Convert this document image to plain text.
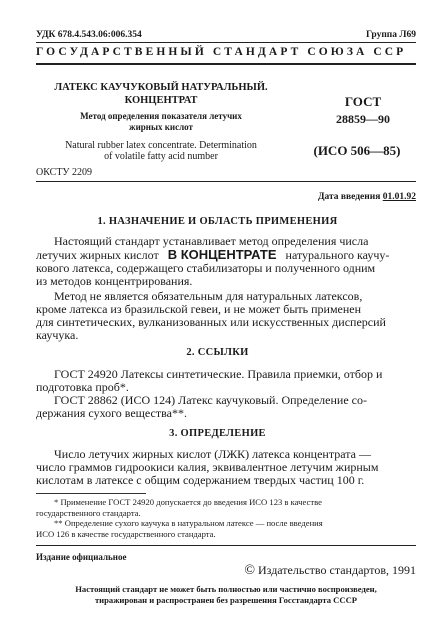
УДК 678.4.543.06:006.354	Группа Л69
ГОСУДАРСТВЕННЫЙ СТАНДАРТ СОЮЗА ССР
ЛАТЕКС КАУЧУКОВЫЙ НАТУРАЛЬНЫЙ.
КОНЦЕНТРАТ
Метод определения показателя летучих
жирных кислот
Natural rubber latex concentrate. Determination
of volatile fatty acid number
ОКСТУ 2209
ГОСТ
28859—90
(ИСО 506—85)
Дата введения 01.01.92
1. НАЗНАЧЕНИЕ И ОБЛАСТЬ ПРИМЕНЕНИЯ
Настоящий стандарт устанавливает метод определения числа
летучих жирных кислот В КОНЦЕНТРАТЕ натурального каучу-
кового латекса, содержащего стабилизаторы и полученного одним
из методов концентрирования.
Метод не является обязательным для натуральных латексов,
кроме латекса из бразильской гевеи, и не может быть применен
для синтетических, вулканизованных или искусственных дисперсий
каучука.
2. ССЫЛКИ
ГОСТ 24920 Латексы синтетические. Правила приемки, отбор и
подготовка проб*.
ГОСТ 28862 (ИСО 124) Латекс каучуковый. Определение со-
держания сухого вещества**.
3. ОПРЕДЕЛЕНИЕ
Число летучих жирных кислот (ЛЖК) латекса концентрата —
число граммов гидроокиси калия, эквивалентное летучим жирным
кислотам в латексе с общим содержанием твердых частиц 100 г.
* Применение ГОСТ 24920 допускается до введения ИСО 123 в качестве
государственного стандарта.
** Определение сухого каучука в натуральном латексе — после введения
ИСО 126 в качестве государственного стандарта.
Издание официальное
© Издательство стандартов, 1991
Настоящий стандарт не может быть полностью или частично воспроизведен,
тиражирован и распространен без разрешения Госстандарта СССР
